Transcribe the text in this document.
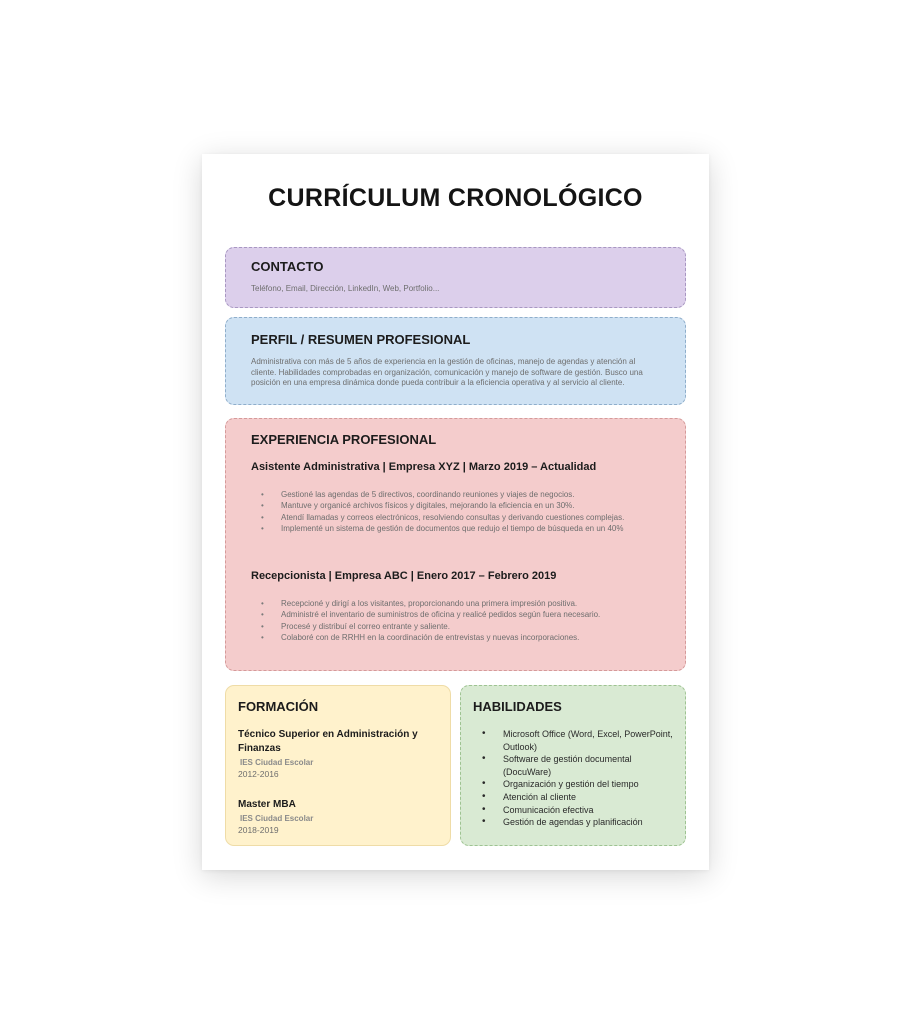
CURRÍCULUM CRONOLÓGICO
CONTACTO

Teléfono, Email, Dirección, LinkedIn, Web, Portfolio...

PERFIL / RESUMEN PROFESIONAL

Administrativa con más de 5 años de experiencia en la gestión de oficinas, manejo de agendas y atención al cliente. Habilidades comprobadas en organización, comunicación y manejo de software de gestión. Busco una posición en una empresa dinámica donde pueda contribuir a la eficiencia operativa y al servicio al cliente.

EXPERIENCIA PROFESIONAL
Asistente Administrativa | Empresa XYZ | Marzo 2019 – Actualidad
• Gestioné las agendas de 5 directivos, coordinando reuniones y viajes de negocios.
• Mantuve y organicé archivos físicos y digitales, mejorando la eficiencia en un 30%.
• Atendí llamadas y correos electrónicos, resolviendo consultas y derivando cuestiones complejas.
• Implementé un sistema de gestión de documentos que redujo el tiempo de búsqueda en un 40%
Recepcionista | Empresa ABC | Enero 2017 – Febrero 2019
• Recepcioné y dirigí a los visitantes, proporcionando una primera impresión positiva.
• Administré el inventario de suministros de oficina y realicé pedidos según fuera necesario.
• Procesé y distribuí el correo entrante y saliente.
• Colaboré con de RRHH en la coordinación de entrevistas y nuevas incorporaciones.
FORMACIÓN

Técnico Superior en Administración y Finanzas

IES Ciudad Escolar

2012-2016

Master MBA

IES Ciudad Escolar

2018-2019

HABILIDADES
• Microsoft Office (Word, Excel, PowerPoint, Outlook)
• Software de gestión documental (DocuWare)
• Organización y gestión del tiempo
• Atención al cliente
• Comunicación efectiva
• Gestión de agendas y planificación
